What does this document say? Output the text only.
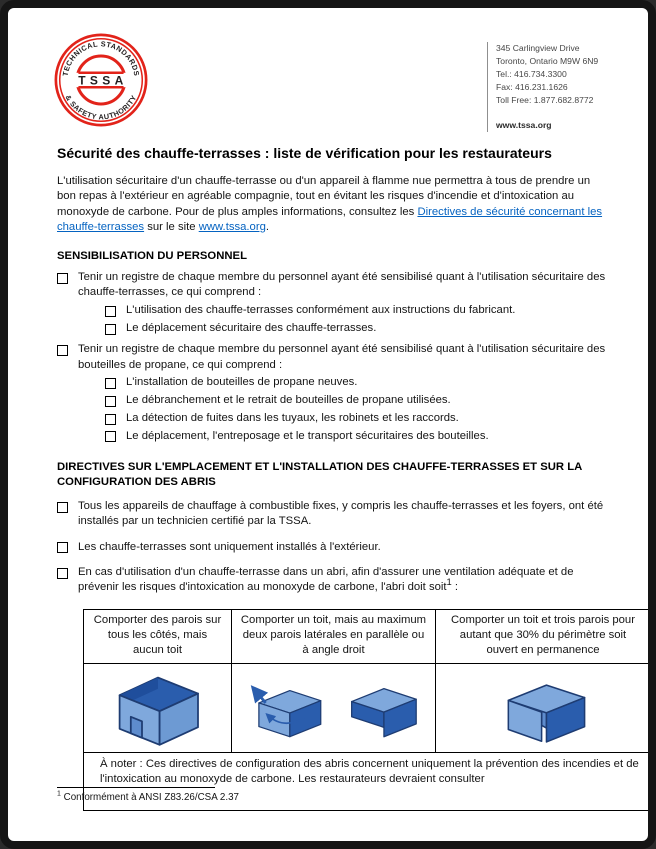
TECHNICAL STANDARDS
& SAFETY AUTHORITY
TSSA
345 Carlingview Drive
Toronto, Ontario M9W 6N9
Tel.: 416.734.3300
Fax: 416.231.1626
Toll Free: 1.877.682.8772
www.tssa.org
Sécurité des chauffe-terrasses : liste de vérification pour les restaurateurs

L'utilisation sécuritaire d'un chauffe-terrasse ou d'un appareil à flamme nue permettra à tous de prendre un bon repas à l'extérieur en agréable compagnie, tout en évitant les risques d'incendie et d'intoxication au monoxyde de carbone. Pour de plus amples informations, consultez les Directives de sécurité concernant les chauffe-terrasses sur le site www.tssa.org.

SENSIBILISATION DU PERSONNEL
Tenir un registre de chaque membre du personnel ayant été sensibilisé quant à l'utilisation sécuritaire des chauffe-terrasses, ce qui comprend :
L'utilisation des chauffe-terrasses conformément aux instructions du fabricant.
Le déplacement sécuritaire des chauffe-terrasses.
Tenir un registre de chaque membre du personnel ayant été sensibilisé quant à l'utilisation sécuritaire des bouteilles de propane, ce qui comprend :
L'installation de bouteilles de propane neuves.
Le débranchement et le retrait de bouteilles de propane utilisées.
La détection de fuites dans les tuyaux, les robinets et les raccords.
Le déplacement, l'entreposage et le transport sécuritaires des bouteilles.
DIRECTIVES SUR L'EMPLACEMENT ET L'INSTALLATION DES CHAUFFE-TERRASSES ET SUR LA CONFIGURATION DES ABRIS
Tous les appareils de chauffage à combustible fixes, y compris les chauffe-terrasses et les foyers, ont été installés par un technicien certifié par la TSSA.
Les chauffe-terrasses sont uniquement installés à l'extérieur.
En cas d'utilisation d'un chauffe-terrasse dans un abri, afin d'assurer une ventilation adéquate et de prévenir les risques d'intoxication au monoxyde de carbone, l'abri doit soit$^1$ :
Comporter des parois sur tous les côtés, mais aucun toit	Comporter un toit, mais au maximum deux parois latérales en parallèle ou à angle droit	Comporter un toit et trois parois pour autant que 30% du périmètre soit ouvert en permanence

À noter : Ces directives de configuration des abris concernent uniquement la prévention des incendies et de l'intoxication au monoxyde de carbone. Les restaurateurs devraient consulter		
$^1$ Conformément à ANSI Z83.26/CSA 2.37
